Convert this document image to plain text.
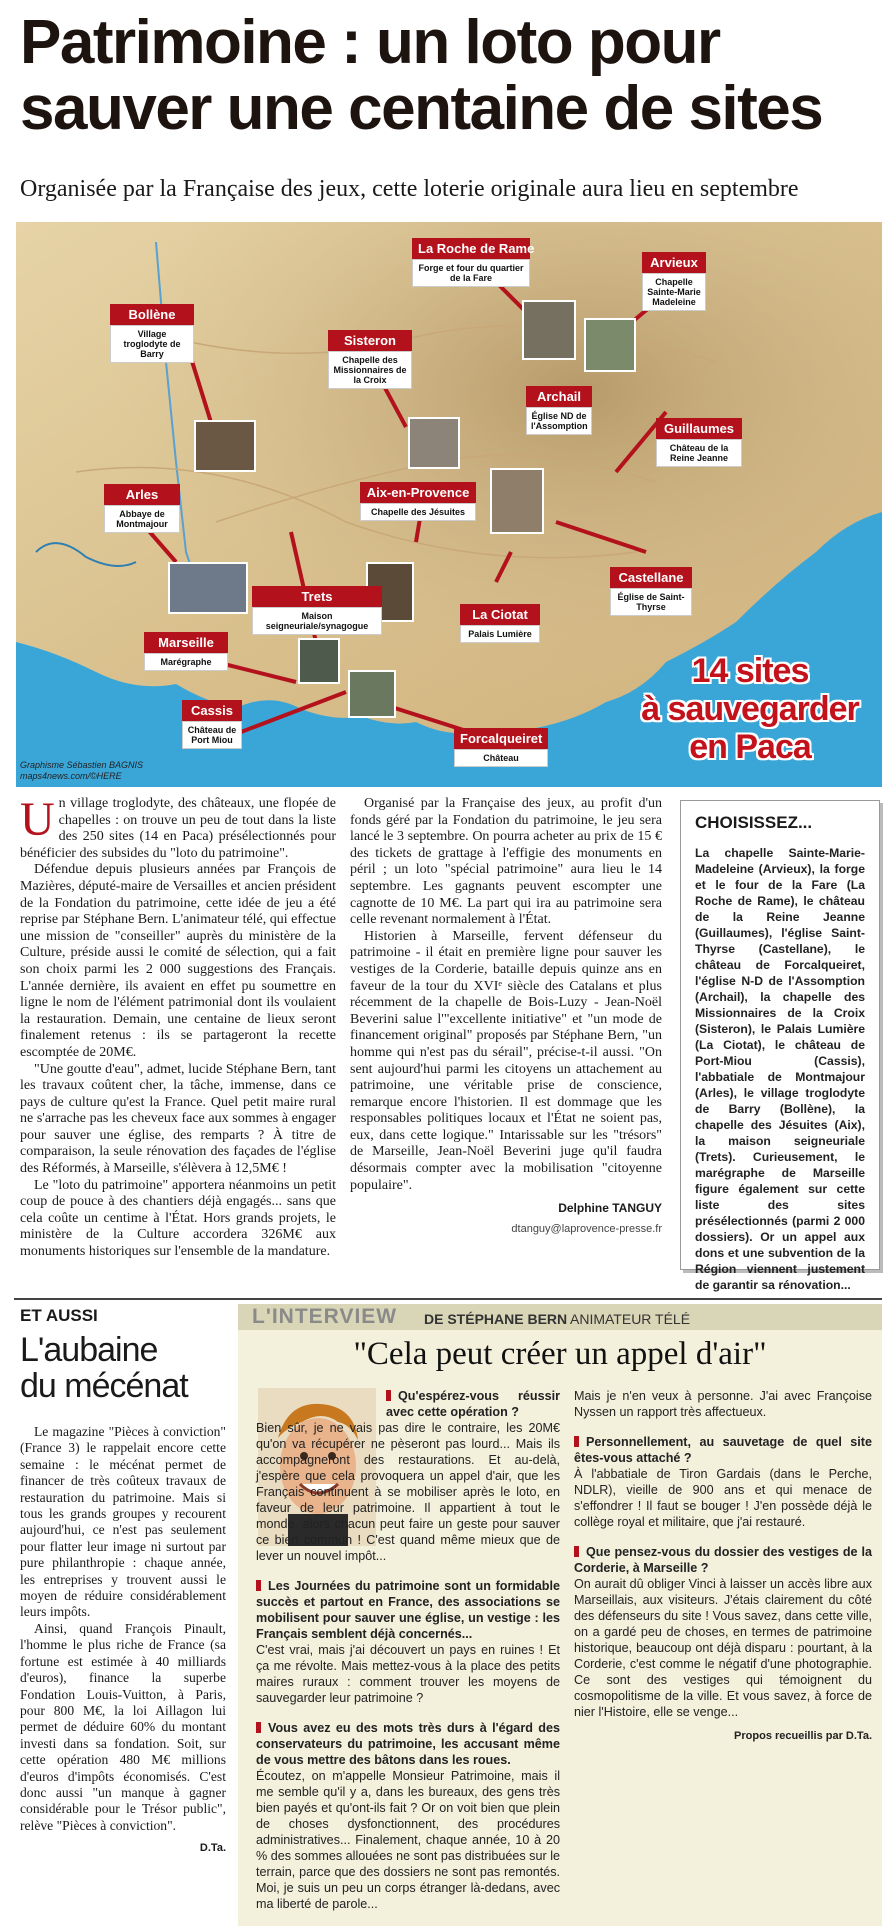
Patrimoine : un loto pour
sauver une centaine de sites
Organisée par la Française des jeux, cette loterie originale aura lieu en septembre
Bollène
Village troglodyte de Barry
Sisteron
Chapelle des Missionnaires de la Croix
La Roche de Rame
Forge et four du quartier de la Fare
Arvieux
Chapelle Sainte-Marie Madeleine
Archail
Église ND de l'Assomption	Guillaumes
Château de la Reine Jeanne
Arles
Abbaye de Montmajour
Aix-en-Provence
Chapelle des Jésuites
Trets
Maison seigneuriale/synagogue
La Ciotat
Palais Lumière
Castellane
Église de Saint-Thyrse
Marseille
Marégraphe
Cassis
Château de Port Miou	Forcalqueiret
Château
Graphisme Sébastien BAGNIS
maps4news.com/©HERE
14 sites
à sauvegarder
en Paca

Un village troglodyte, des châteaux, une flopée de chapelles : on trouve un peu de tout dans la liste des 250 sites (14 en Paca) présélectionnés pour bénéficier des subsides du "loto du patrimoine".

Défendue depuis plusieurs années par François de Mazières, député-maire de Versailles et ancien président de la Fondation du patrimoine, cette idée de jeu a été reprise par Stéphane Bern. L'animateur télé, qui effectue une mission de "conseiller" auprès du ministère de la Culture, préside aussi le comité de sélection, qui a fait son choix parmi les 2 000 suggestions des Français. L'année dernière, ils avaient en effet pu soumettre en ligne le nom de l'élément patrimonial dont ils voulaient la restauration. Demain, une centaine de lieux seront finalement retenus : ils se partageront la recette escomptée de 20M€.

"Une goutte d'eau", admet, lucide Stéphane Bern, tant les travaux coûtent cher, la tâche, immense, dans ce pays de culture qu'est la France. Quel petit maire rural ne s'arrache pas les cheveux face aux sommes à engager pour sauver une église, des remparts ? À titre de comparaison, la seule rénovation des façades de l'église des Réformés, à Marseille, s'élèvera à 12,5M€ !

Le "loto du patrimoine" apportera néanmoins un petit coup de pouce à des chantiers déjà engagés... sans que cela coûte un centime à l'État. Hors grands projets, le ministère de la Culture accordera 326M€ aux monuments historiques sur l'ensemble de la mandature.

Organisé par la Française des jeux, au profit d'un fonds géré par la Fondation du patrimoine, le jeu sera lancé le 3 septembre. On pourra acheter au prix de 15 € des tickets de grattage à l'effigie des monuments en péril ; un loto "spécial patrimoine" aura lieu le 14 septembre. Les gagnants peuvent escompter une cagnotte de 10 M€. La part qui ira au patrimoine sera celle revenant normalement à l'État.

Historien à Marseille, fervent défenseur du patrimoine - il était en première ligne pour sauver les vestiges de la Corderie, bataille depuis quinze ans en faveur de la tour du XVIᵉ siècle des Catalans et plus récemment de la chapelle de Bois-Luzy - Jean-Noël Beverini salue l'"excellente initiative" et "un mode de financement original" proposés par Stéphane Bern, "un homme qui n'est pas du sérail", précise-t-il aussi. "On sent aujourd'hui parmi les citoyens un attachement au patrimoine, une véritable prise de conscience, remarque encore l'historien. Il est dommage que les responsables politiques locaux et l'État ne soient pas, eux, dans cette logique." Intarissable sur les "trésors" de Marseille, Jean-Noël Beverini juge qu'il faudra désormais compter avec la mobilisation "citoyenne populaire".

Delphine TANGUY
dtanguy@laprovence-presse.fr
CHOISISSEZ...

La chapelle Sainte-Marie-Madeleine (Arvieux), la forge et le four de la Fare (La Roche de Rame), le château de la Reine Jeanne (Guillaumes), l'église Saint-Thyrse (Castellane), le château de Forcalqueiret, l'église N-D de l'Assomption (Archail), la chapelle des Missionnaires de la Croix (Sisteron), le Palais Lumière (La Ciotat), le château de Port-Miou (Cassis), l'abbatiale de Montmajour (Arles), le village troglodyte de Barry (Bollène), la chapelle des Jésuites (Aix), la maison seigneuriale (Trets). Curieusement, le marégraphe de Marseille figure également sur cette liste des sites présélectionnés (parmi 2 000 dossiers). Or un appel aux dons et une subvention de la Région viennent justement de garantir sa rénovation...

ET AUSSI
L'aubaine
du mécénat

Le magazine "Pièces à conviction" (France 3) le rappelait encore cette semaine : le mécénat permet de financer de très coûteux travaux de restauration du patrimoine. Mais si tous les grands groupes y recourent aujourd'hui, ce n'est pas seulement pour flatter leur image ni surtout par pure philanthropie : chaque année, les entreprises y trouvent aussi le moyen de réduire considérablement leurs impôts.

Ainsi, quand François Pinault, l'homme le plus riche de France (sa fortune est estimée à 40 milliards d'euros), finance la superbe Fondation Louis-Vuitton, à Paris, pour 800 M€, la loi Aillagon lui permet de déduire 60% du montant investi dans sa fondation. Soit, sur cette opération 480 M€ millions d'euros d'impôts économisés. C'est donc aussi "un manque à gagner considérable pour le Trésor public", relève "Pièces à conviction".

D.Ta.
L'INTERVIEW DE STÉPHANE BERN ANIMATEUR TÉLÉ
"Cela peut créer un appel d'air"

Qu'espérez-vous réussir avec cette opération ?

Bien sûr, je ne vais pas dire le contraire, les 20M€ qu'on va récupérer ne pèseront pas lourd... Mais ils accompagneront des restaurations. Et au-delà, j'espère que cela provoquera un appel d'air, que les Français continuent à se mobiliser après le loto, en faveur de leur patrimoine. Il appartient à tout le monde, alors chacun peut faire un geste pour sauver ce bien commun ! C'est quand même mieux que de lever un nouvel impôt...

Les Journées du patrimoine sont un formidable succès et partout en France, des associations se mobilisent pour sauver une église, un vestige : les Français semblent déjà concernés...

C'est vrai, mais j'ai découvert un pays en ruines ! Et ça me révolte. Mais mettez-vous à la place des petits maires ruraux : comment trouver les moyens de sauvegarder leur patrimoine ?

Vous avez eu des mots très durs à l'égard des conservateurs du patrimoine, les accusant même de vous mettre des bâtons dans les roues.

Écoutez, on m'appelle Monsieur Patrimoine, mais il me semble qu'il y a, dans les bureaux, des gens très bien payés et qu'ont-ils fait ? Or on voit bien que plein de choses dysfonctionnent, des procédures administratives... Finalement, chaque année, 10 à 20 % des sommes allouées ne sont pas distribuées sur le terrain, parce que des dossiers ne sont pas remontés. Moi, je suis un peu un corps étranger là-dedans, avec ma liberté de parole...

Mais je n'en veux à personne. J'ai avec Françoise Nyssen un rapport très affectueux.

Personnellement, au sauvetage de quel site êtes-vous attaché ?

À l'abbatiale de Tiron Gardais (dans le Perche, NDLR), vieille de 900 ans et qui menace de s'effondrer ! Il faut se bouger ! J'en possède déjà le collège royal et militaire, que j'ai restauré.

Que pensez-vous du dossier des vestiges de la Corderie, à Marseille ?

On aurait dû obliger Vinci à laisser un accès libre aux Marseillais, aux visiteurs. J'étais clairement du côté des défenseurs du site ! Vous savez, dans cette ville, on a gardé peu de choses, en termes de patrimoine historique, beaucoup ont déjà disparu : pourtant, à la Corderie, c'est comme le négatif d'une photographie. Ce sont des vestiges qui témoignent du cosmopolitisme de la ville. Et vous savez, à force de nier l'Histoire, elle se venge...

Propos recueillis par D.Ta.
